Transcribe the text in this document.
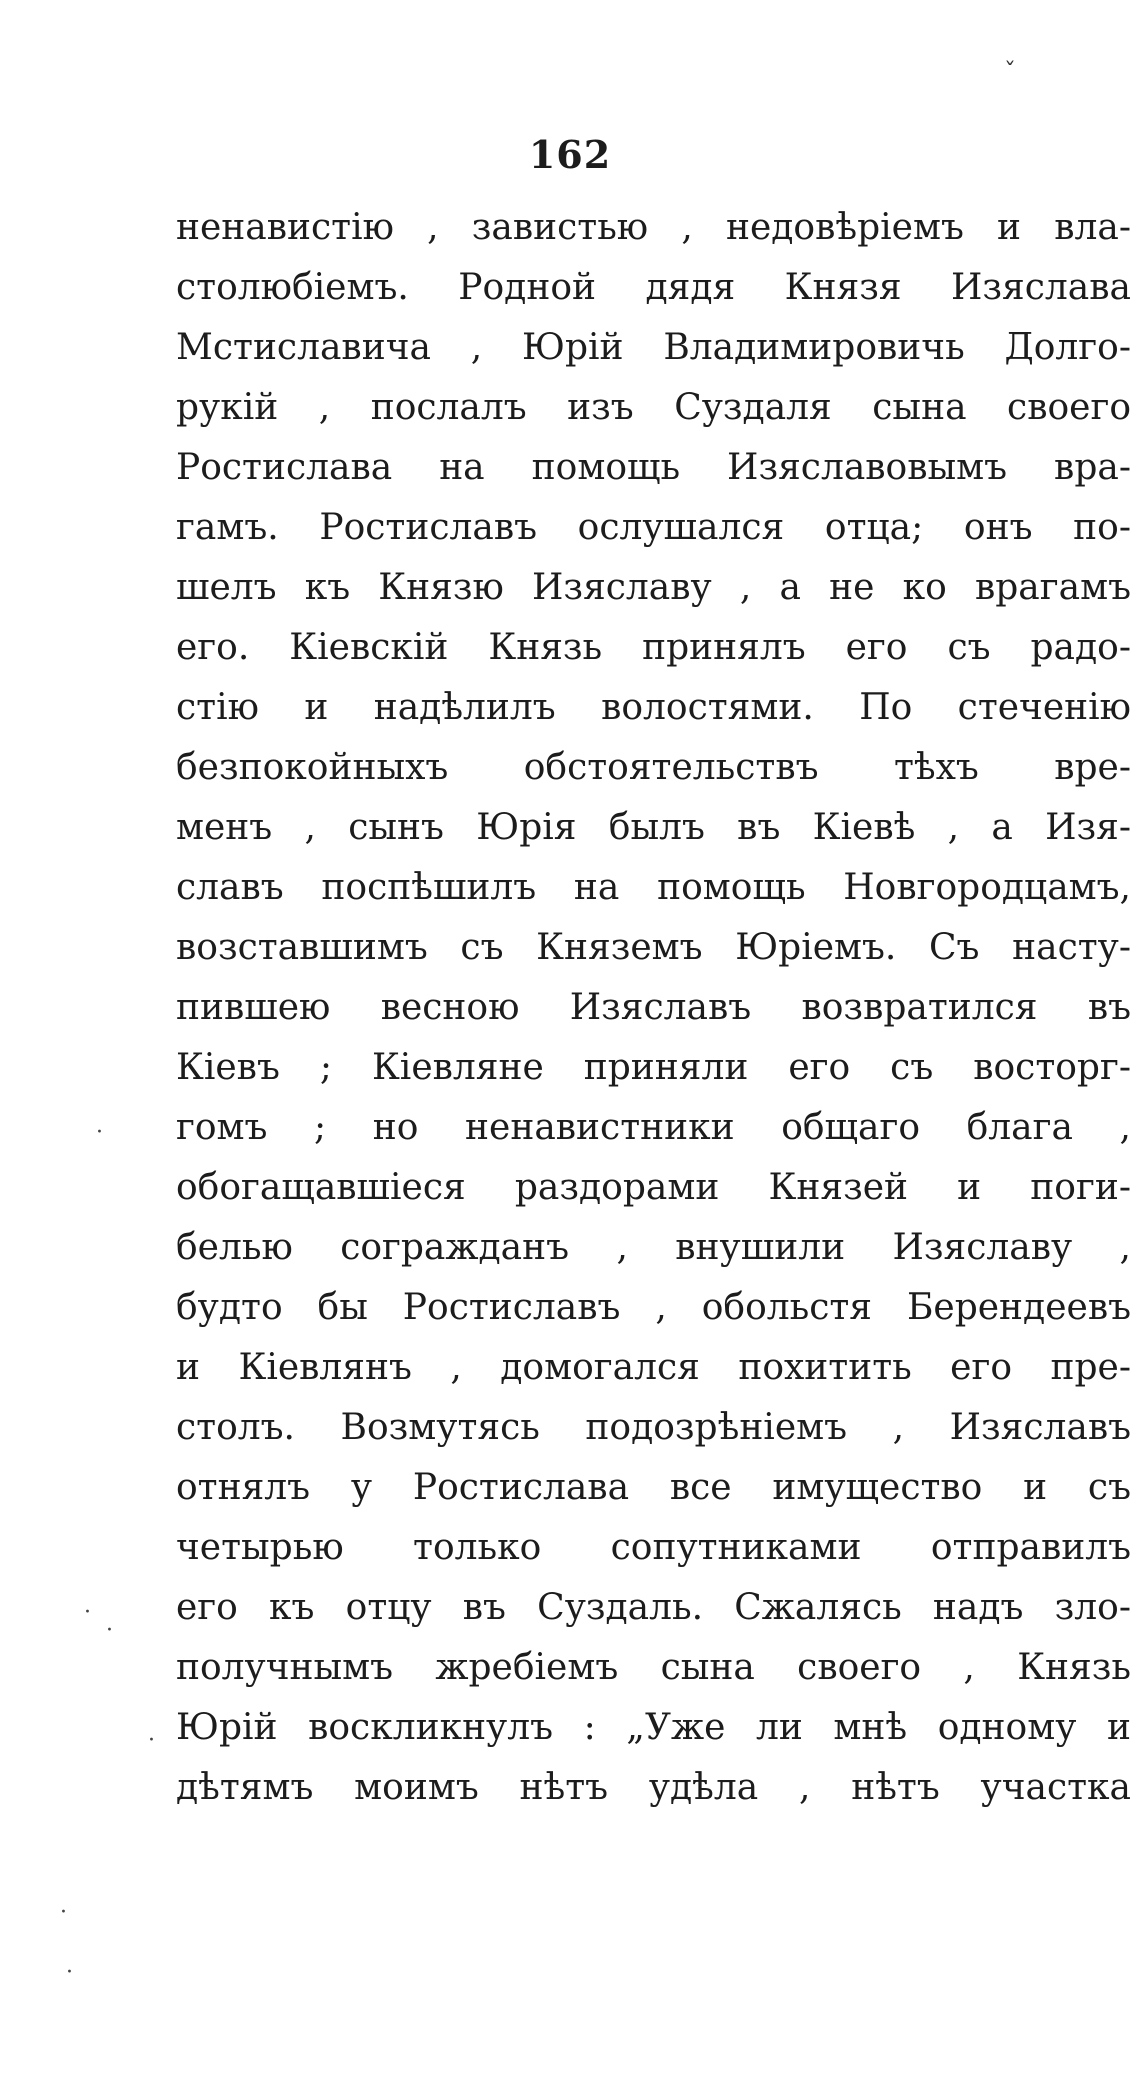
ˇ
162
ненавистію , завистью , недовѣріемъ и вла-
столюбіемъ. Родной дядя Князя Изяслава
Мстиславича , Юрій Владимировичь Долго-
рукій , послалъ изъ Суздаля сына своего
Ростислава на помощь Изяславовымъ вра-
гамъ. Ростиславъ ослушался отца; онъ по-
шелъ къ Князю Изяславу , а не ко врагамъ
его. Кіевскій Князь принялъ его съ радо-
стію и надѣлилъ волостями. По стеченію
безпокойныхъ обстоятельствъ тѣхъ вре-
менъ , сынъ Юрія былъ въ Кіевѣ , а Изя-
славъ поспѣшилъ на помощь Новгородцамъ,
возставшимъ съ Княземъ Юріемъ. Съ насту-
пившею весною Изяславъ возвратился въ
Кіевъ ; Кіевляне приняли его съ восторг-
гомъ ; но ненавистники общаго блага ,
обогащавшіеся раздорами Князей и поги-
белью согражданъ , внушили Изяславу ,
будто бы Ростиславъ , обольстя Берендеевъ
и Кіевлянъ , домогался похитить его пре-
столъ. Возмутясь подозрѣніемъ , Изяславъ
отнялъ у Ростислава все имущество и съ
четырью только сопутниками отправилъ
его къ отцу въ Суздаль. Сжалясь надъ зло-
получнымъ жребіемъ сына своего , Князь
Юрій воскликнулъ : „Уже ли мнѣ одному и
дѣтямъ моимъ нѣтъ удѣла , нѣтъ участка
·
·
·
·
·
·
